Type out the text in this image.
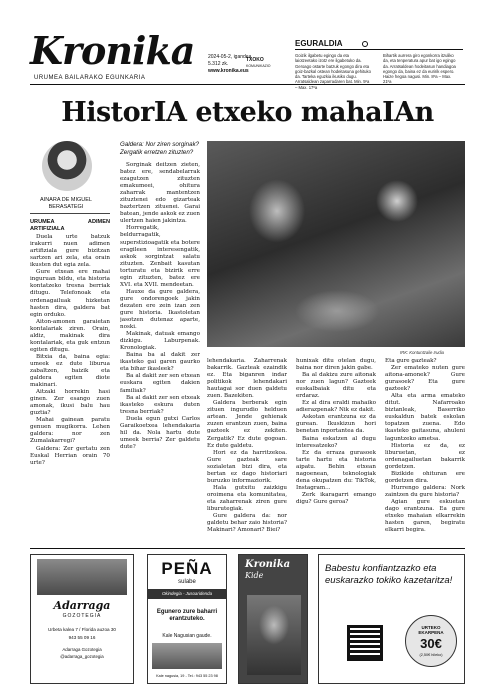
Kronika
URUMEA BAILARAKO EGUNKARIA
2024-05-2, igandea
5.312 zk.
www.kronika.eus
TXOKO
KOMUNIKAZIO
EGURALDIA
Goizik ilgabetu egingo da eta laiotzeetako izotz ere ilgabetuko da. Geroago ostarte batzuk egongo dira eta goiz-bazkal ostean hodeitasuna gehituko da. Tarteka eguzkia ikusiko dugu. Arratsaldean zaparradaren bat. Min. 5ºa – Max. 17ºa
Bihartik aurrera giro egonkorra itzuliko da, eta tenperatura apur bat igo egingo da. Arratsaldean hodeitasun handiagoa egongo da, baina ez da euririk espero. Haize hegoa nagusi. Min. 8ºa – Max. 21ºa
HistorIA etxeko mahaIAn
AINARA DE MIGUEL
BERASATEGI
URUMEA ADIMEN ARTIFIZIALA

Duela urte batzuk irakurri nuen adimen artifiziala gure bizitzan sartzen ari zela, eta orain ikusten dut egia zela.

Gure etxean ere mahai inguruan bildu, eta historia kontatzeko tresna berriak ditugu. Telefonoak eta ordenagailuak hizketan hasten dira, galdera bat egin orduko.

Aiton-amonen garaietan kontalariak ziren. Orain, aldiz, makinak dira kontalariak, eta guk entzun egiten ditugu.

Bitxia da, baina egia: umeek ez dute liburua zabaltzen, baizik eta galdera egiten diote makinari.

Aitzaki horrekin hasi ginen. Zer esango zuen amonak, ikusi balu hau guztia?

Mahai gainean paratu genuen mugikorra. Lehen galdera: nor zen Zumalakarregi?

Galdera: Zer gertatu zen Euskal Herrian orain 70 urte?

Galdera: Nor ziren sorginak? Zergatik erretzen zituzten?

Sorginak deitzen zieten, batez ere, sendabelarrak ezagutzen zituzten emakumeei, ohitura zaharrak mantentzen zituztenei edo gizarteak baztertzen zituenei. Garai batean, jende askok ez zuen ulertzen haien jakintza.

Horregatik, beldurragatik, superstizioagatik eta botere eragileen interesengatik, askok sorgintzat salatu zituzten. Zenbait kasutan torturatu eta bizirik erre egin zituzten, batez ere XVI. eta XVII. mendeetan.

Hauxe da gure galdera, gure ondorengoek jakin dezaten ere zein izan zen gure historia. Ikastoletan jasotzen dutenaz aparte, noski.

Makinak, datuak emango dizkigu. Laburpenak. Kronologiak.

Baina ba al dakit zer ikasteko gai garen gaurko eta bihar ikasleek?

Ba al dakit zer sen etxean euskara egiten dakien familiak?

Ba al dakit zer sen etxeak ikasteko eskura duten tresna berriak?

Duela egun gutxi Carlos Garaikoetxea lehendakaria hil da. Nola hartu dute umeek berria? Zer galdetu dute?

IRK: Kontuntzaile Irudia

lehendakaria. Zaharrenak bakarrik. Gazteak ezaindik ez. Eta biganren indar politikok lehendakari hautagai sor duen galdetu zuen. Bazekiten.

Galdera berberak egin zituen ingurudio helduen artean. Jende gehienak zuzen erantzun zuen, baina gazteek ez zekiten. Zergatik? Ez dute gogoan. Ez dute galdetu.

Hori ez da harritzekoa. Gure gazteak sare sozialetan bizi dira, eta bertan ez dago historiari buruzko informaziorik.

Hala gutxitu zaizkigu oroimena eta komunitatea, eta zaharrenak ziren gure liburutegiak.

Gure galdera da: nor galdetu behar zaio historia? Makinari? Amonari? Biei?

hunixak ditu otelan dugu, baina nor diren jakin gabe.

Ba al dakizu zure aitonak nor zuen lagun? Gazteek euskalbaiak ditu eta erdaraz.

Ez al dira eraldi mahaiko adierazpenak? Nik ez dakit.

Askotan erantzuna ez da gurean. Ikuskizun hori benetan inportantea da.

Baina eskatzen al dugu interesatzeko?

Ez da erraza gurasoek tarte hartu eta historia aipatu. Behin etxean nagoenean, teknologiak dena okupatzen du: TikTok, Instagram...

Zerk ikaragarri emango digu? Gure geroa?

Eta gure gazteak?

Zer emateko nuten gure aitona-amonek? Gure gurasoek? Eta gure gazteek?

Alta eta arma emateko ditut. Nafarroako biztanleak, Baserriko euskaldun batek eskolan topatzen zuena. Edo ikasteko gaitasuna, ahuleni laguntzeko ametsa.

Historia ez da, ez liburuetan, ez ordenagailuetan bakarrik gordetzen.

Bizikide ohituran ere gordetzen dira.

Hurrengo galdera: Nork zaintzen du gure historia?

Agian gure eskuetan dago erantzuna. Ea gure etxeko mahaian elkarrekin hasten garen, begiratu elkarri begira.

Adarraga
GOZOTEGIA
Urbeta kalea 7 / Florida auzoa 30
943 55 09 16
Adarraga Gozotegia
@adarraga_gozotegia
PEÑA
sulabe
Okindegia - Jusoaridenda
Egunero zure baharri erantzuteko.
Kale Nagusian gaude.
Kale nagusia, 19 - Tel.: 943 55 23 98
Kronika
Kide
Babestu konfiantzazko eta euskarazko tokiko kazetaritza!
URTEKO EKARPENA
30€
(2,50€ hileko)
